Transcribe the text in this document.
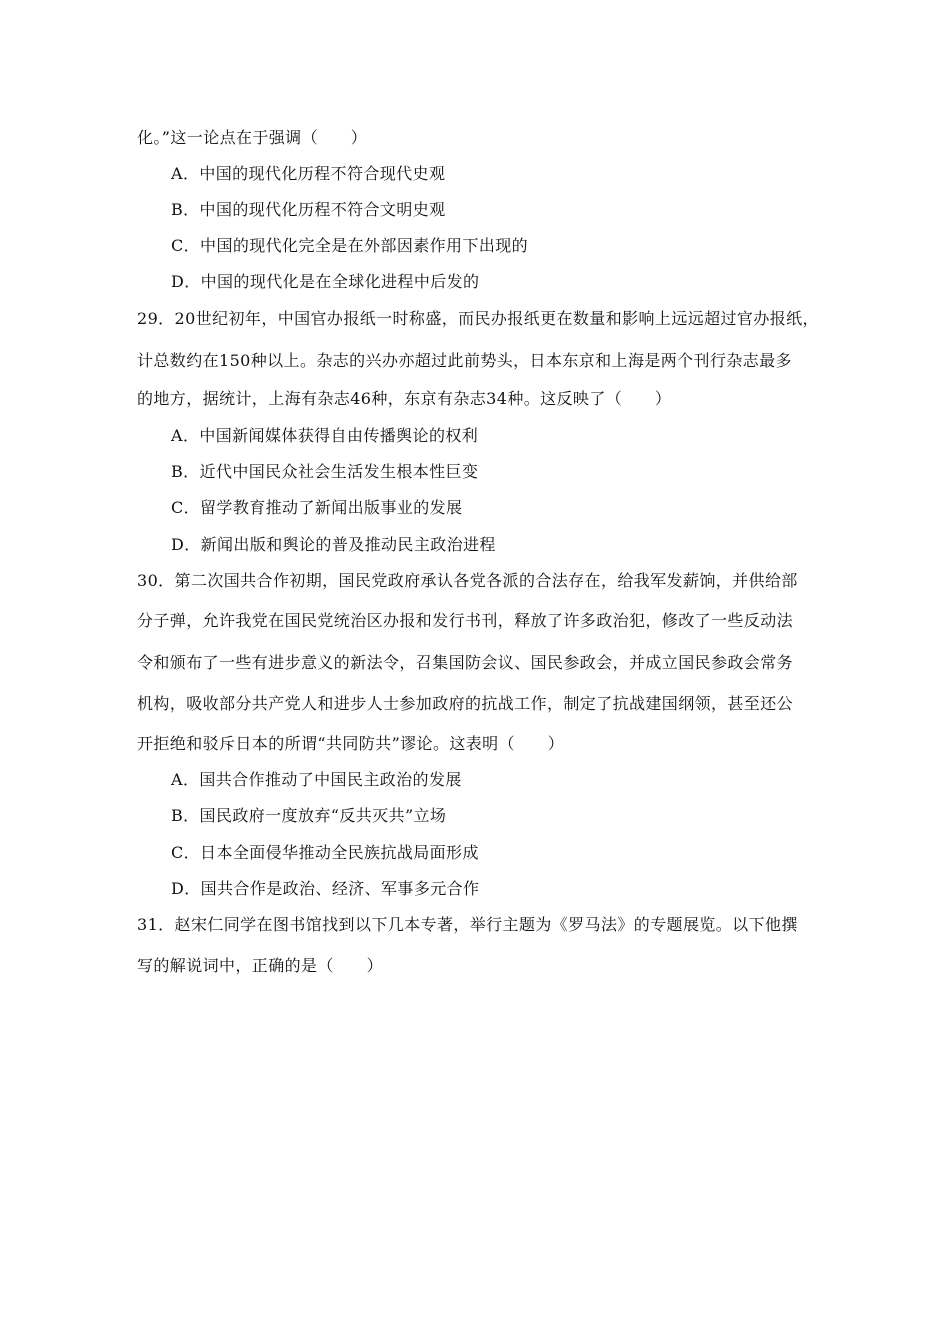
化。”这一论点在于强调（　　）
A．中国的现代化历程不符合现代史观
B．中国的现代化历程不符合文明史观
C．中国的现代化完全是在外部因素作用下出现的
D．中国的现代化是在全球化进程中后发的
29．20世纪初年，中国官办报纸一时称盛，而民办报纸更在数量和影响上远远超过官办报纸，
计总数约在150种以上。杂志的兴办亦超过此前势头，日本东京和上海是两个刊行杂志最多
的地方，据统计，上海有杂志46种，东京有杂志34种。这反映了（　　）
A．中国新闻媒体获得自由传播舆论的权利
B．近代中国民众社会生活发生根本性巨变
C．留学教育推动了新闻出版事业的发展
D．新闻出版和舆论的普及推动民主政治进程
30．第二次国共合作初期，国民党政府承认各党各派的合法存在，给我军发薪饷，并供给部
分子弹，允许我党在国民党统治区办报和发行书刊，释放了许多政治犯，修改了一些反动法
令和颁布了一些有进步意义的新法令，召集国防会议、国民参政会，并成立国民参政会常务
机构，吸收部分共产党人和进步人士参加政府的抗战工作，制定了抗战建国纲领，甚至还公
开拒绝和驳斥日本的所谓“共同防共”谬论。这表明（　　）
A．国共合作推动了中国民主政治的发展
B．国民政府一度放弃“反共灭共”立场
C．日本全面侵华推动全民族抗战局面形成
D．国共合作是政治、经济、军事多元合作
31．赵宋仁同学在图书馆找到以下几本专著，举行主题为《罗马法》的专题展览。以下他撰
写的解说词中，正确的是（　　）
